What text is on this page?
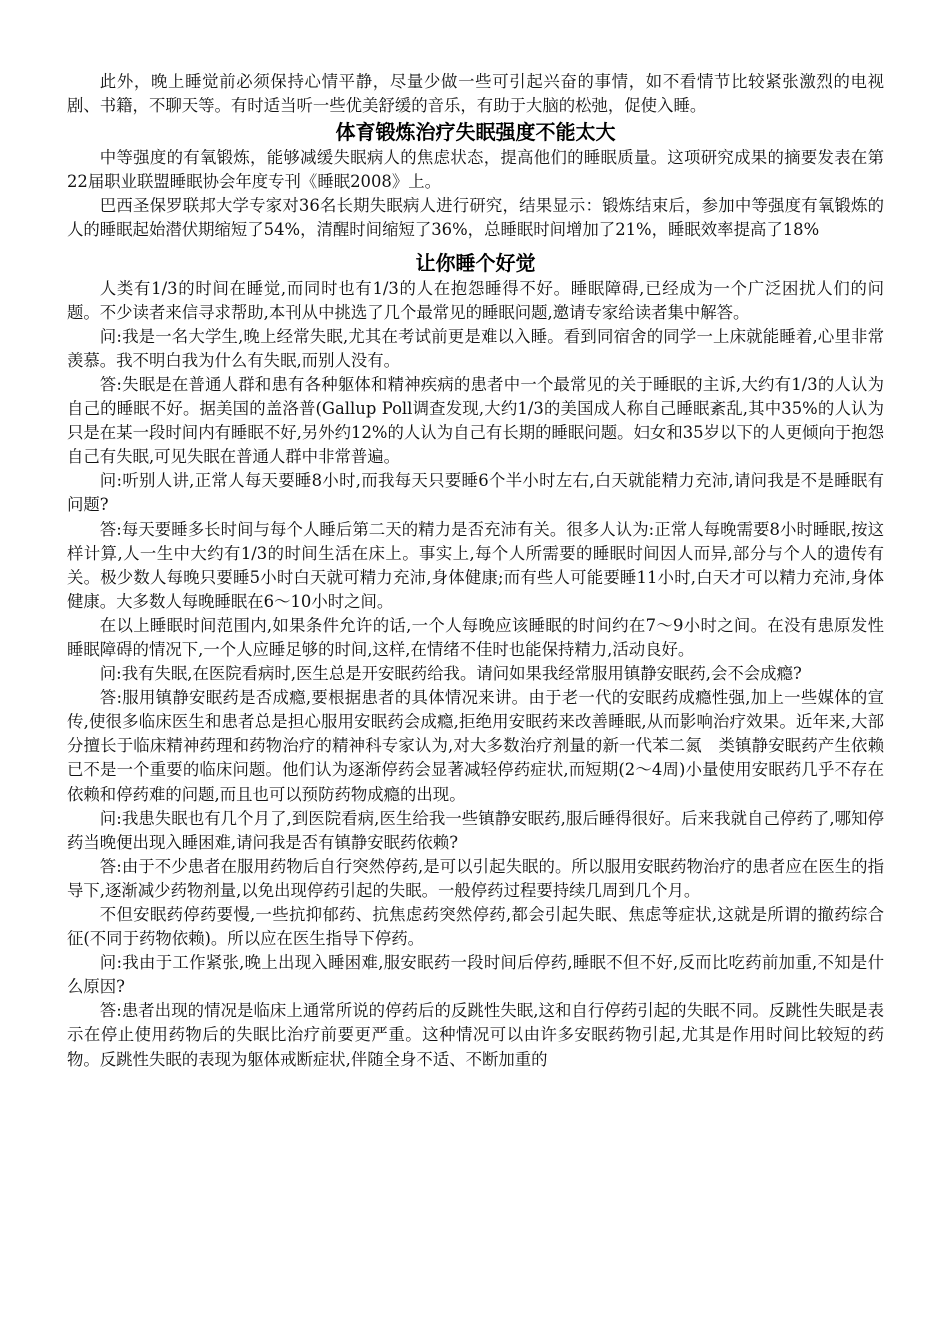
此外，晚上睡觉前必须保持心情平静，尽量少做一些可引起兴奋的事情，如不看情节比较紧张激烈的电视剧、书籍，不聊天等。有时适当听一些优美舒缓的音乐，有助于大脑的松弛，促使入睡。

体育锻炼治疗失眠强度不能太大

中等强度的有氧锻炼，能够减缓失眠病人的焦虑状态，提高他们的睡眠质量。这项研究成果的摘要发表在第22届职业联盟睡眠协会年度专刊《睡眠2008》上。

巴西圣保罗联邦大学专家对36名长期失眠病人进行研究，结果显示：锻炼结束后，参加中等强度有氧锻炼的人的睡眠起始潜伏期缩短了54%，清醒时间缩短了36%，总睡眠时间增加了21%，睡眠效率提高了18%

让你睡个好觉

人类有1/3的时间在睡觉,而同时也有1/3的人在抱怨睡得不好。睡眠障碍,已经成为一个广泛困扰人们的问题。不少读者来信寻求帮助,本刊从中挑选了几个最常见的睡眠问题,邀请专家给读者集中解答。

问:我是一名大学生,晚上经常失眠,尤其在考试前更是难以入睡。看到同宿舍的同学一上床就能睡着,心里非常羡慕。我不明白我为什么有失眠,而别人没有。

答:失眠是在普通人群和患有各种躯体和精神疾病的患者中一个最常见的关于睡眠的主诉,大约有1/3的人认为自己的睡眠不好。据美国的盖洛普(Gallup Poll调查发现,大约1/3的美国成人称自己睡眠紊乱,其中35%的人认为只是在某一段时间内有睡眠不好,另外约12%的人认为自己有长期的睡眠问题。妇女和35岁以下的人更倾向于抱怨自己有失眠,可见失眠在普通人群中非常普遍。

问:听别人讲,正常人每天要睡8小时,而我每天只要睡6个半小时左右,白天就能精力充沛,请问我是不是睡眠有问题?

答:每天要睡多长时间与每个人睡后第二天的精力是否充沛有关。很多人认为:正常人每晚需要8小时睡眠,按这样计算,人一生中大约有1/3的时间生活在床上。事实上,每个人所需要的睡眠时间因人而异,部分与个人的遗传有关。极少数人每晚只要睡5小时白天就可精力充沛,身体健康;而有些人可能要睡11小时,白天才可以精力充沛,身体健康。大多数人每晚睡眠在6～10小时之间。

在以上睡眠时间范围内,如果条件允许的话,一个人每晚应该睡眠的时间约在7～9小时之间。在没有患原发性睡眠障碍的情况下,一个人应睡足够的时间,这样,在情绪不佳时也能保持精力,活动良好。

问:我有失眠,在医院看病时,医生总是开安眠药给我。请问如果我经常服用镇静安眠药,会不会成瘾?

答:服用镇静安眠药是否成瘾,要根据患者的具体情况来讲。由于老一代的安眠药成瘾性强,加上一些媒体的宣传,使很多临床医生和患者总是担心服用安眠药会成瘾,拒绝用安眠药来改善睡眠,从而影响治疗效果。近年来,大部分擅长于临床精神药理和药物治疗的精神科专家认为,对大多数治疗剂量的新一代苯二氮　类镇静安眠药产生依赖已不是一个重要的临床问题。他们认为逐渐停药会显著减轻停药症状,而短期(2～4周)小量使用安眠药几乎不存在依赖和停药难的问题,而且也可以预防药物成瘾的出现。

问:我患失眠也有几个月了,到医院看病,医生给我一些镇静安眠药,服后睡得很好。后来我就自己停药了,哪知停药当晚便出现入睡困难,请问我是否有镇静安眠药依赖?

答:由于不少患者在服用药物后自行突然停药,是可以引起失眠的。所以服用安眠药物治疗的患者应在医生的指导下,逐渐减少药物剂量,以免出现停药引起的失眠。一般停药过程要持续几周到几个月。

不但安眠药停药要慢,一些抗抑郁药、抗焦虑药突然停药,都会引起失眠、焦虑等症状,这就是所谓的撤药综合征(不同于药物依赖)。所以应在医生指导下停药。

问:我由于工作紧张,晚上出现入睡困难,服安眠药一段时间后停药,睡眠不但不好,反而比吃药前加重,不知是什么原因?

答:患者出现的情况是临床上通常所说的停药后的反跳性失眠,这和自行停药引起的失眠不同。反跳性失眠是表示在停止使用药物后的失眠比治疗前要更严重。这种情况可以由许多安眠药物引起,尤其是作用时间比较短的药物。反跳性失眠的表现为躯体戒断症状,伴随全身不适、不断加重的
